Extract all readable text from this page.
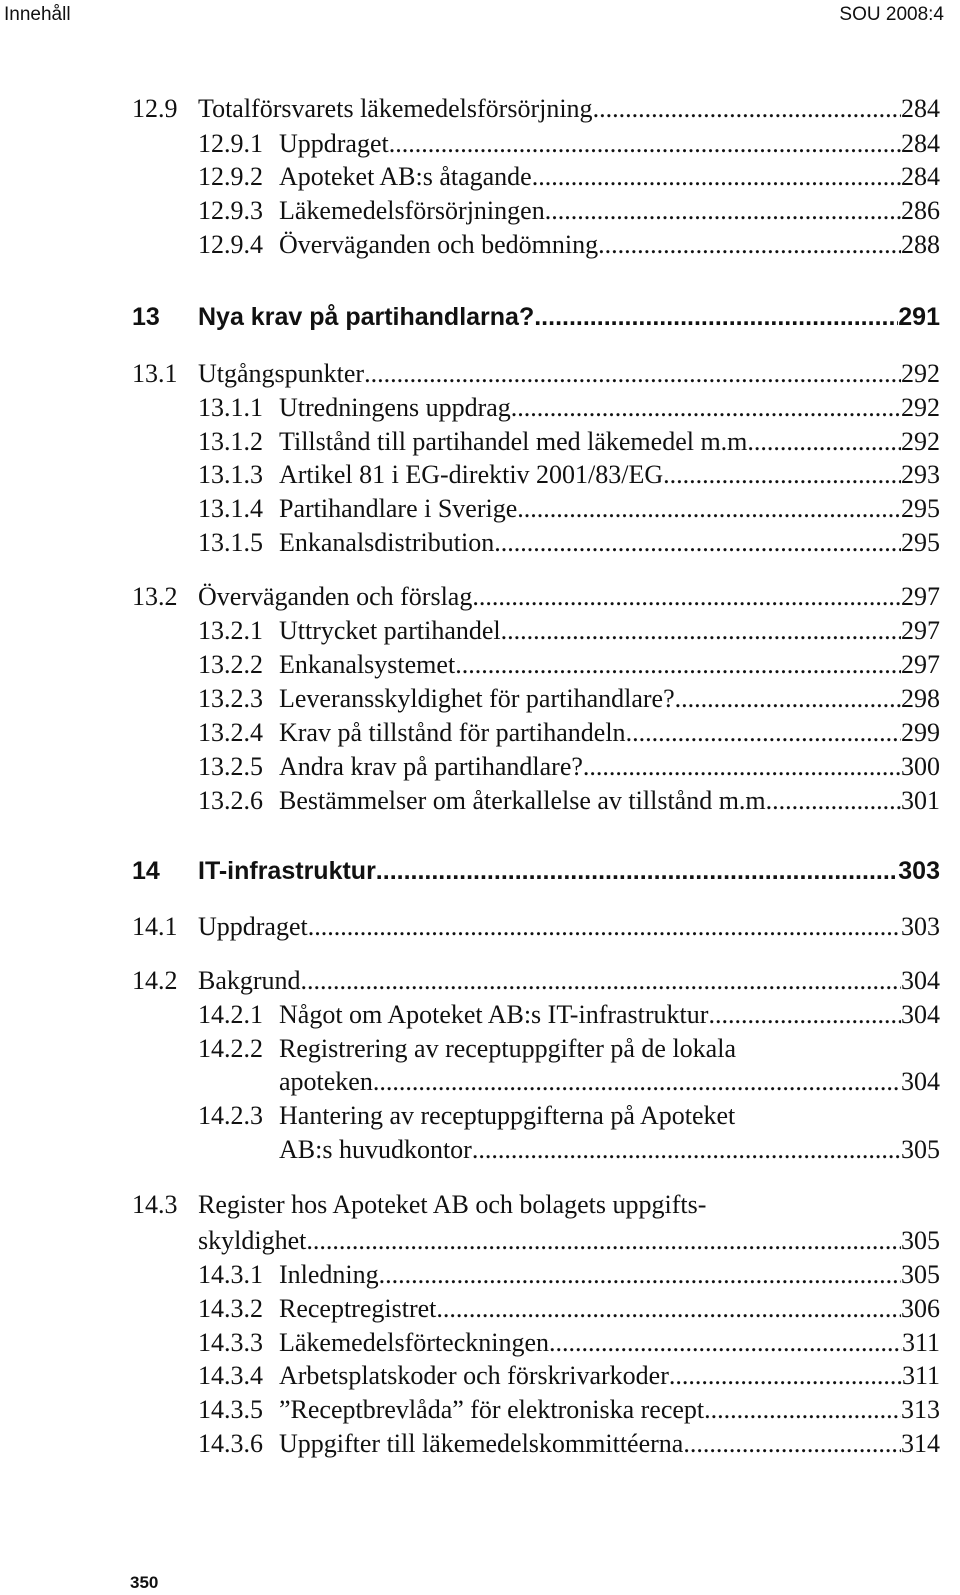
Innehåll	SOU 2008:4
12.9 Totalförsvarets läkemedelsförsörjning .....	284
12.9.1 Uppdraget .....	284
12.9.2 Apoteket AB:s åtagande .....	284
12.9.3 Läkemedelsförsörjningen .....	286
12.9.4 Överväganden och bedömning .....	288
13	Nya krav på partihandlarna? .....	291
13.1 Utgångspunkter .....	292
13.1.1 Utredningens uppdrag .....	292
13.1.2 Tillstånd till partihandel med läkemedel m.m. .....	292
13.1.3 Artikel 81 i EG-direktiv 2001/83/EG .....	293
13.1.4 Partihandlare i Sverige .....	295
13.1.5 Enkanalsdistribution .....	295
13.2 Överväganden och förslag .....	297
13.2.1 Uttrycket partihandel .....	297
13.2.2 Enkanalsystemet .....	297
13.2.3 Leveransskyldighet för partihandlare? .....	298
13.2.4 Krav på tillstånd för partihandeln .....	299
13.2.5 Andra krav på partihandlare? .....	300
13.2.6 Bestämmelser om återkallelse av tillstånd m.m. .....	301
14	IT-infrastruktur .....	303
14.1 Uppdraget .....	303
14.2 Bakgrund .....	304
14.2.1 Något om Apoteket AB:s IT-infrastruktur .....	304
14.2.2 Registrering av receptuppgifter på de lokala
apoteken .....	304
14.2.3 Hantering av receptuppgifterna på Apoteket
AB:s huvudkontor .....	305
14.3 Register hos Apoteket AB och bolagets uppgifts-
skyldighet .....	305
14.3.1 Inledning .....	305
14.3.2 Receptregistret .....	306
14.3.3 Läkemedelsförteckningen .....	311
14.3.4 Arbetsplatskoder och förskrivarkoder .....	311
14.3.5 ”Receptbrevlåda” för elektroniska recept .....	313
14.3.6 Uppgifter till läkemedelskommittéerna .....	314
350
